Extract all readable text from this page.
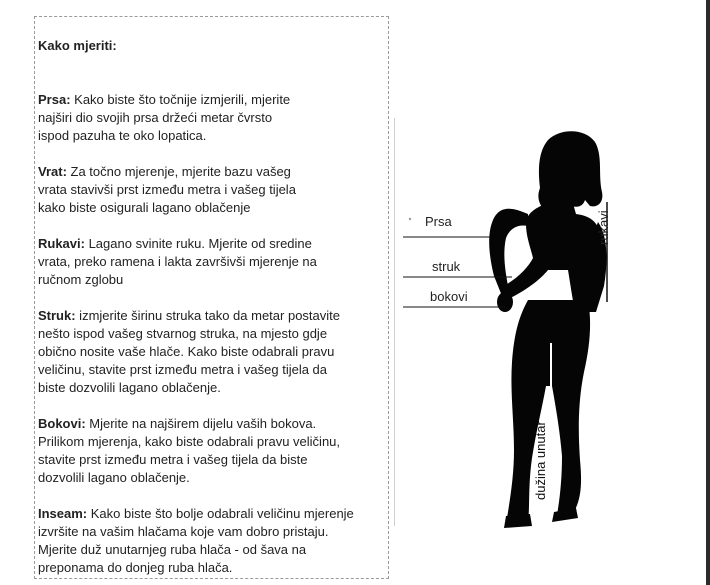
Kako mjeriti:
Prsa: Kako biste što točnije izmjerili, mjerite
najširi dio svojih prsa držeći metar čvrsto
ispod pazuha te oko lopatica.
Vrat: Za točno mjerenje, mjerite bazu vašeg
vrata stavivši prst između metra i vašeg tijela
kako biste osigurali lagano oblačenje
Rukavi: Lagano svinite ruku. Mjerite od sredine
vrata, preko ramena i lakta završivši mjerenje na
ručnom zglobu
Struk: izmjerite širinu struka tako da metar postavite
nešto ispod vašeg stvarnog struka, na mjesto gdje
obično nosite vaše hlače. Kako biste odabrali pravu
veličinu, stavite prst između metra i vašeg tijela da
biste dozvolili lagano oblačenje.
Bokovi: Mjerite na najširem dijelu vaših bokova.
Prilikom mjerenja, kako biste odabrali pravu veličinu,
stavite prst između metra i vašeg tijela da biste
dozvolili lagano oblačenje.
Inseam: Kako biste što bolje odabrali veličinu mjerenje
izvršite na vašim hlačama koje vam dobro pristaju.
Mjerite duž unutarnjeg ruba hlača - od šava na
preponama do donjeg ruba hlača.
Prsa
struk
bokovi
rukavi
dužina unutar
